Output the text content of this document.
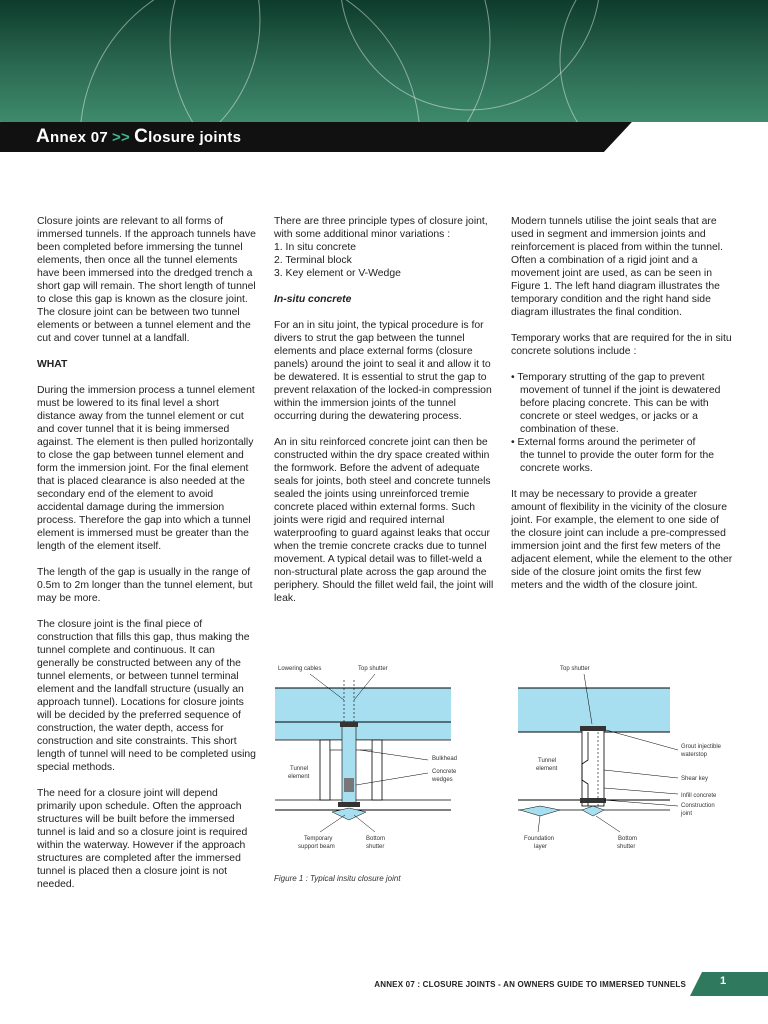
Annex 07 >> Closure joints

Closure joints are relevant to all forms of immersed tunnels. If the approach tunnels have been completed before immersing the tunnel elements, then once all the tunnel elements have been immersed into the dredged trench a short gap will remain. The short length of tunnel to close this gap is known as the closure joint. The closure joint can be between two tunnel elements or between a tunnel element and the cut and cover tunnel at a landfall.

WHAT

During the immersion process a tunnel element must be lowered to its final level a short distance away from the tunnel element or cut and cover tunnel that it is being immersed against. The element is then pulled horizontally to close the gap between tunnel element and form the immersion joint. For the final element that is placed clearance is also needed at the secondary end of the element to avoid accidental damage during the immersion process. Therefore the gap into which a tunnel element is immersed must be greater than the length of the element itself.

The length of the gap is usually in the range of 0.5m to 2m longer than the tunnel element, but may be more.

The closure joint is the final piece of construction that fills this gap, thus making the tunnel complete and continuous. It can generally be constructed between any of the tunnel elements, or between tunnel terminal element and the landfall structure (usually an approach tunnel). Locations for closure joints will be decided by the preferred sequence of construction, the water depth, access for construction and site constraints. This short length of tunnel will need to be completed using special methods.

The need for a closure joint will depend primarily upon schedule. Often the approach structures will be built before the immersed tunnel is laid and so a closure joint is required within the waterway. However if the approach structures are completed after the immersed tunnel is placed then a closure joint is not needed.

There are three principle types of closure joint, with some additional minor variations :
1. In situ concrete
2. Terminal block
3. Key element or V-Wedge

In-situ concrete

For an in situ joint, the typical procedure is for divers to strut the gap between the tunnel elements and place external forms (closure panels) around the joint to seal it and allow it to be dewatered. It is essential to strut the gap to prevent relaxation of the locked-in compression within the immersion joints of the tunnel occurring during the dewatering process.

An in situ reinforced concrete joint can then be constructed within the dry space created within the formwork. Before the advent of adequate seals for joints, both steel and concrete tunnels sealed the joints using unreinforced tremie concrete placed within external forms. Such joints were rigid and required internal waterproofing to guard against leaks that occur when the tremie concrete cracks due to tunnel movement. A typical detail was to fillet-weld a non-structural plate across the gap around the periphery. Should the fillet weld fail, the joint will leak.

Modern tunnels utilise the joint seals that are used in segment and immersion joints and reinforcement is placed from within the tunnel. Often a combination of a rigid joint and a movement joint are used, as can be seen in Figure 1. The left hand diagram illustrates the temporary condition and the right hand side diagram illustrates the final condition.

Temporary works that are required for the in situ concrete solutions include :

• Temporary strutting of the gap to prevent
movement of tunnel if the joint is dewatered before placing concrete. This can be with concrete or steel wedges, or jacks or a combination of these.
• External forms around the perimeter of
the tunnel to provide the outer form for the concrete works.

It may be necessary to provide a greater amount of flexibility in the vicinity of the closure joint. For example, the element to one side of the closure joint can include a pre-compressed immersion joint and the first few meters of the adjacent element, while the element to the other side of the closure joint omits the first few meters and the width of the closure joint.

Lowering cables	Top shutter
Bulkhead
Tunnel
element
Concrete
wedges
Temporary
support beam
Bottom
shutter
Top shutter
Grout injectible
waterstop
Tunnel
element
Shear key
Infill concrete
Construction
joint
Foundation
layer
Bottom
shutter
Figure 1 : Typical insitu closure joint
ANNEX 07 : CLOSURE JOINTS - AN OWNERS GUIDE TO IMMERSED TUNNELS	1
